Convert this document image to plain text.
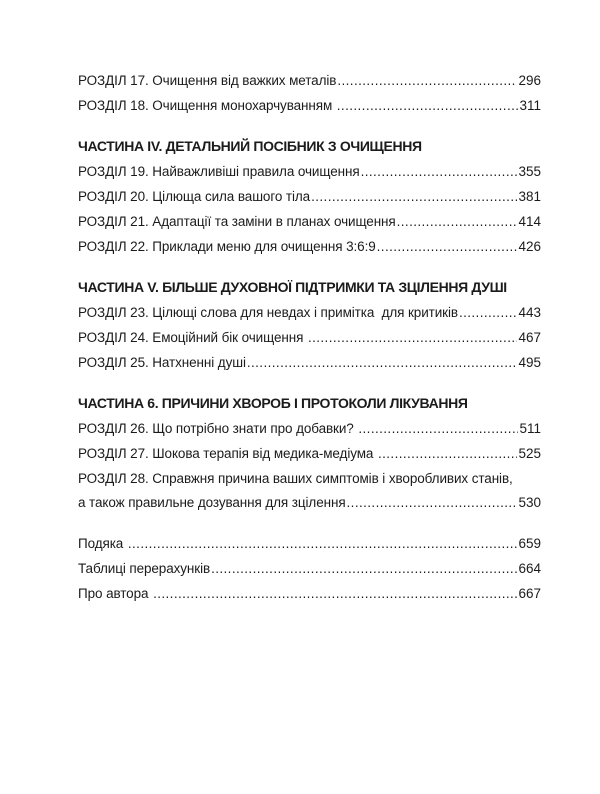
РОЗДІЛ 17. Очищення від важких металів .....	296
РОЗДІЛ 18. Очищення монохарчуванням .....	311
ЧАСТИНА IV. ДЕТАЛЬНИЙ ПОСІБНИК З ОЧИЩЕННЯ
РОЗДІЛ 19. Найважливіші правила очищення .....	355
РОЗДІЛ 20. Цілюща сила вашого тіла .....	381
РОЗДІЛ 21. Адаптації та заміни в планах очищення .....	414
РОЗДІЛ 22. Приклади меню для очищення 3:6:9 .....	426
ЧАСТИНА V. БІЛЬШЕ ДУХОВНОЇ ПІДТРИМКИ ТА ЗЦІЛЕННЯ ДУШІ
РОЗДІЛ 23. Цілющі слова для невдах і примітка  для критиків .....	443
РОЗДІЛ 24. Емоційний бік очищення .....	467
РОЗДІЛ 25. Натхненні душі .....	495
ЧАСТИНА 6. ПРИЧИНИ ХВОРОБ І ПРОТОКОЛИ ЛІКУВАННЯ
РОЗДІЛ 26. Що потрібно знати про добавки? .....	511
РОЗДІЛ 27. Шокова терапія від медика-медіума .....	525
РОЗДІЛ 28. Справжня причина ваших симптомів і хворобливих станів,
а також правильне дозування для зцілення .....	530
Подяка .....	659
Таблиці перерахунків .....	664
Про автора .....	667
